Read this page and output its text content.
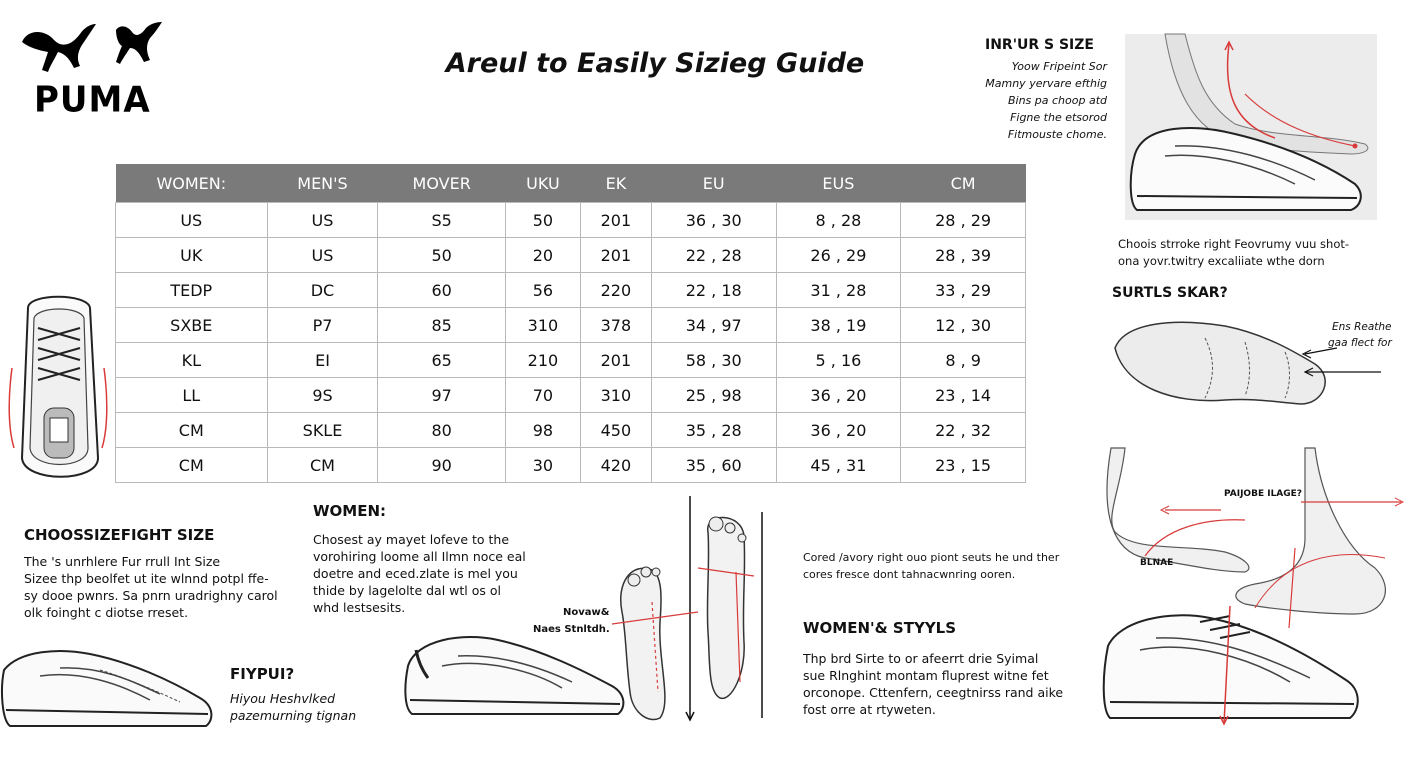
PUMA
Areul to Easily Sizieg Guide
WOMEN:	MEN'S	MOVER	UKU	EK	EU	EUS	CM
US	US	S5	50	201	36 , 30	8 , 28	28 , 29
UK	US	50	20	201	22 , 28	26 , 29	28 , 39
TEDP	DC	60	56	220	22 , 18	31 , 28	33 , 29
SXBE	P7	85	310	378	34 , 97	38 , 19	12 , 30
KL	EI	65	210	201	58 , 30	5 , 16	8 , 9
LL	9S	97	70	310	25 , 98	36 , 20	23 , 14
CM	SKLE	80	98	450	35 , 28	36 , 20	22 , 32
CM	CM	90	30	420	35 , 60	45 , 31	23 , 15
CHOOSSIZEFIGHT SIZE
The 's unrhlere Fur rrull Int Size
Sizee thp beolfet ut ite wlnnd potpl ffe-
sy dooe pwnrs. Sa pnrn uradrighny carol
olk foinght c diotse rreset.
FIYPUI?
Hiyou Heshvlked
pazemurning tignan
WOMEN:
Chosest ay mayet lofeve to the
vorohiring loome all Ilmn noce eal
doetre and eced.zlate is mel you
thide by lagelolte dal wtl os ol
whd lestsesits.	Novaw&
Naes Stnltdh.
Cored /avory right ouo piont seuts he und ther
cores fresce dont tahnacwnring ooren.
WOMEN'& STYYLS
Thp brd Sirte to or afeerrt drie Syimal
sue Rlnghint montam fluprest witne fet
orconope. Cttenfern, ceegtnirss rand aike
fost orre at rtyweten.
INR'UR S SIZE
Yoow Fripeint Sor
Mamny yervare efthig
Bins pa choop atd
Figne the etsorod
Fitmouste chome.
Choois strroke right Feovrumy vuu shot-
ona yovr.twitry excaliiate wthe dorn
SURTLS SKAR?
Ens Reathe
gaa flect for
PAIJOBE ILAGE?
BLNAE
